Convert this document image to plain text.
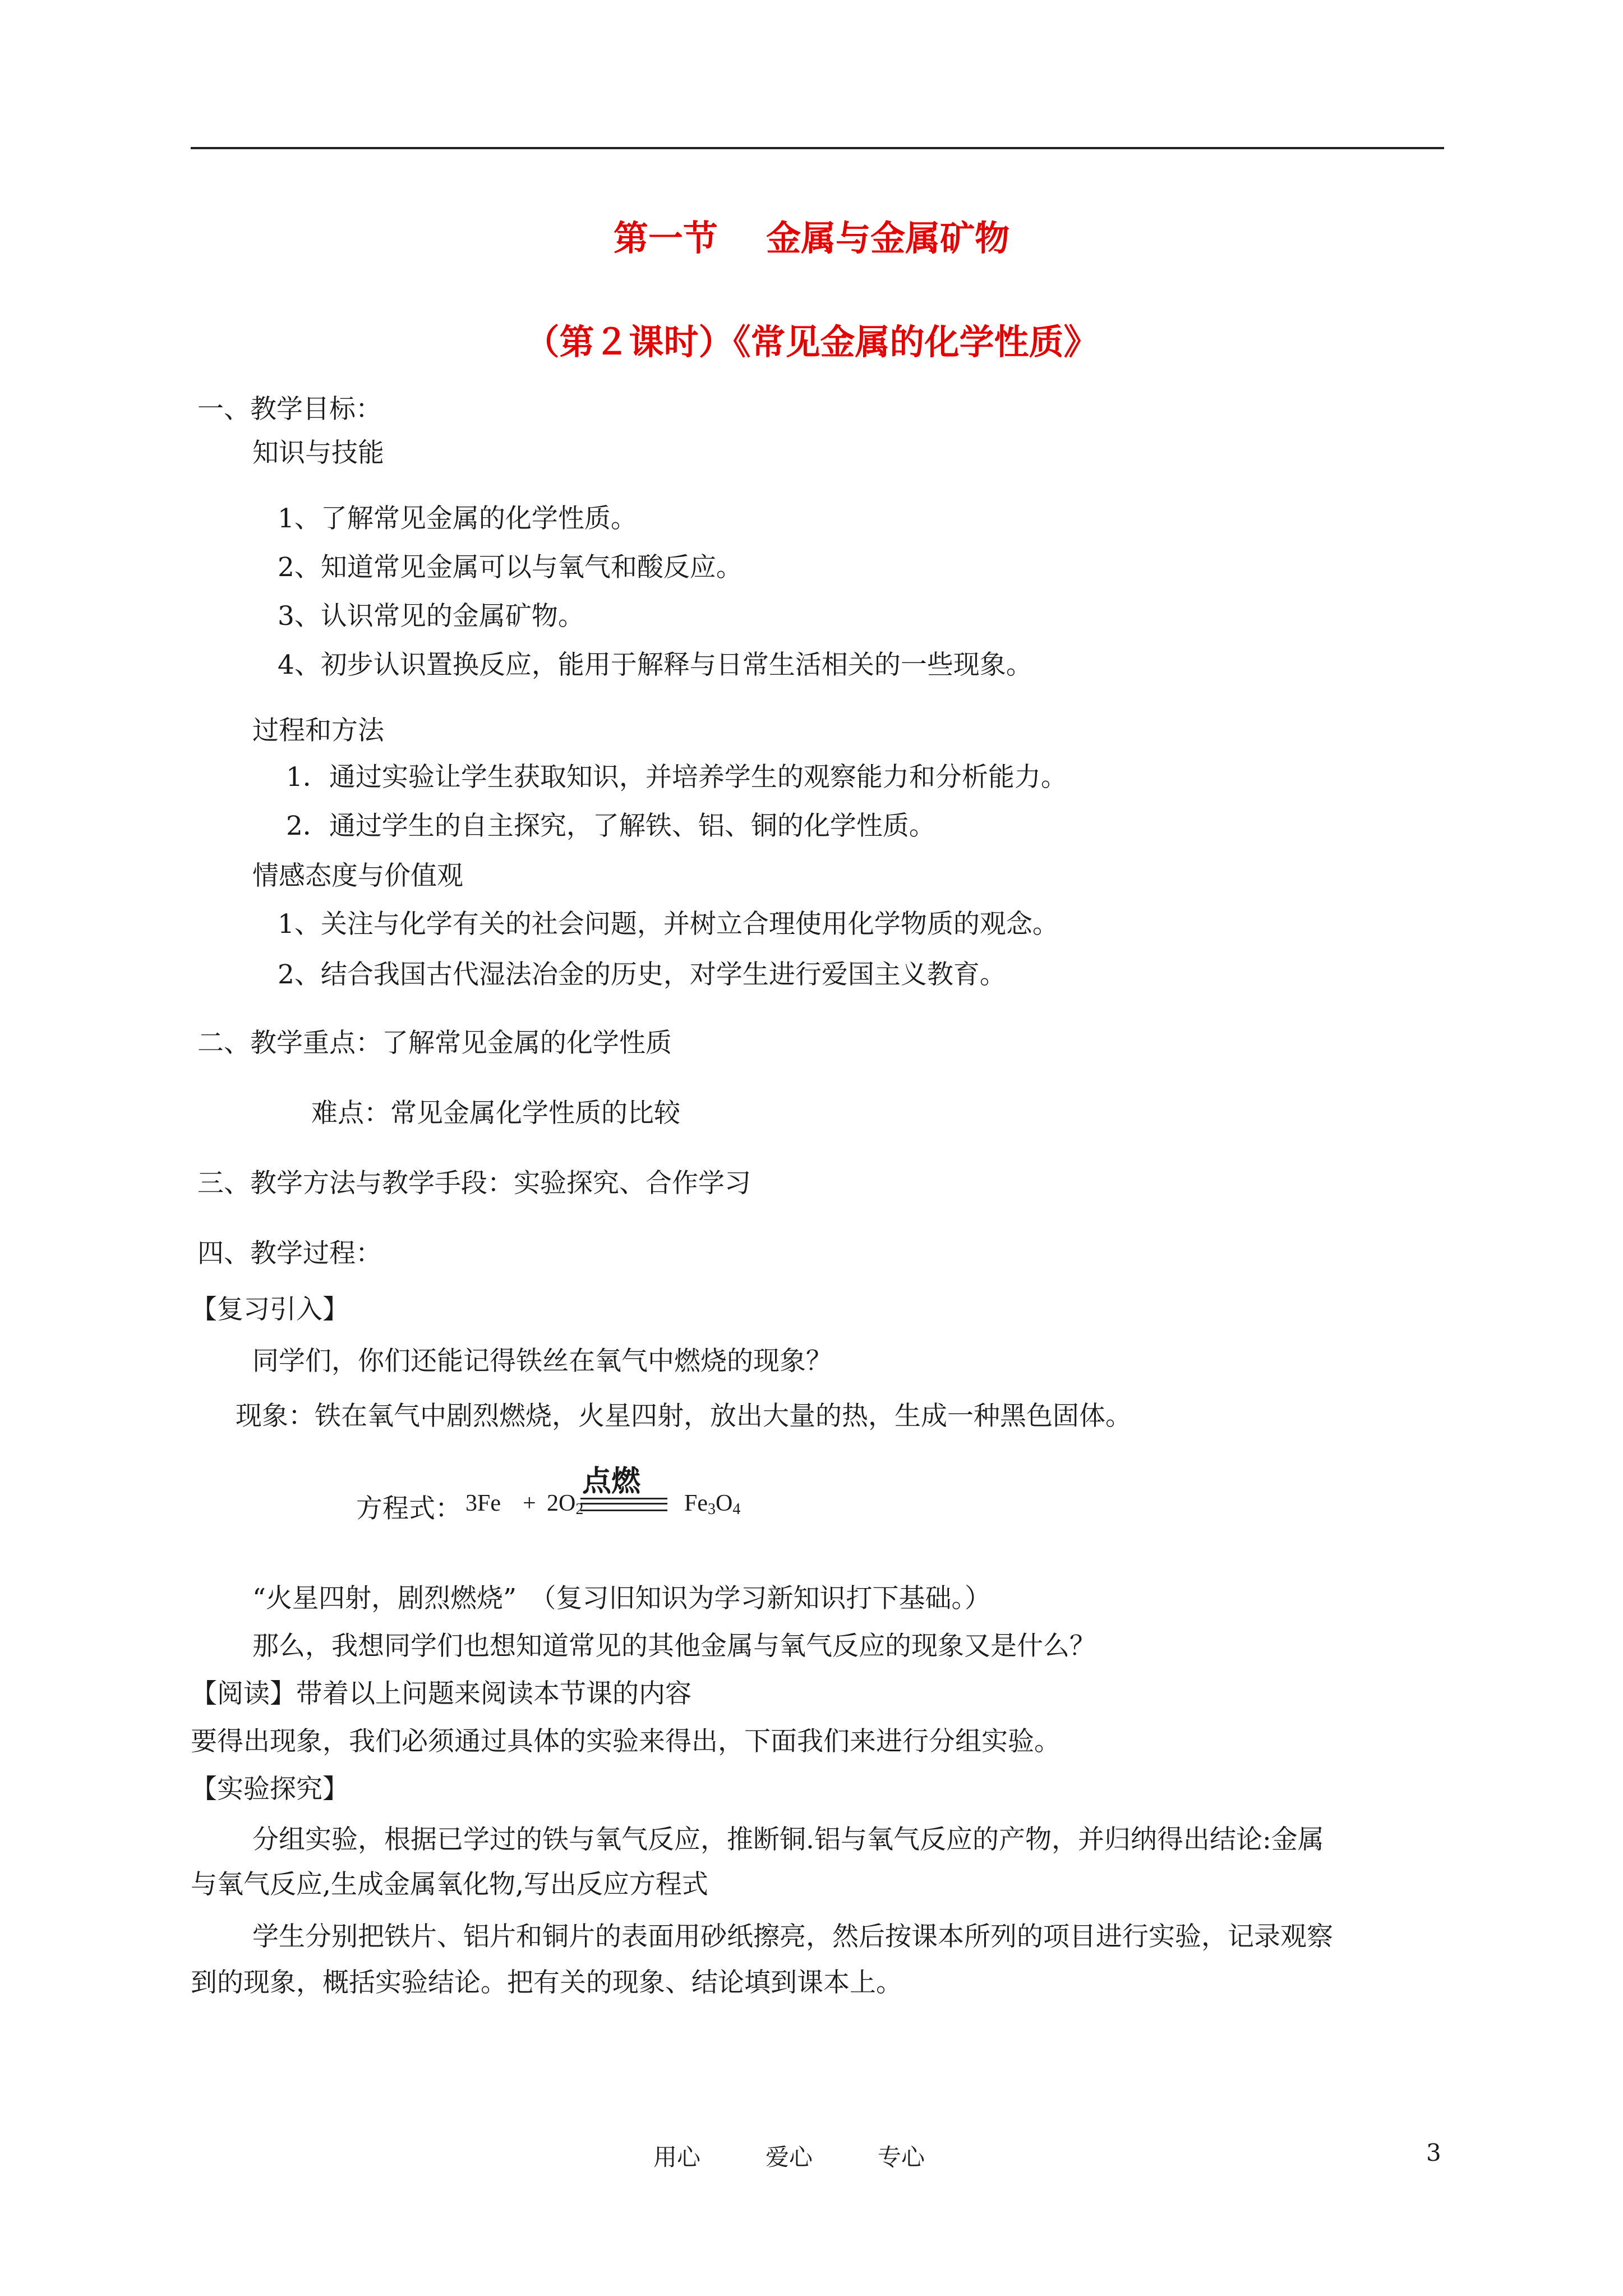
第一节    金属与金属矿物
（第２课时）《常见金属的化学性质》
一、教学目标：
知识与技能
1、了解常见金属的化学性质。
2、知道常见金属可以与氧气和酸反应。
3、认识常见的金属矿物。
4、初步认识置换反应，能用于解释与日常生活相关的一些现象。
过程和方法
1．通过实验让学生获取知识，并培养学生的观察能力和分析能力。
2．通过学生的自主探究，了解铁、铝、铜的化学性质。
情感态度与价值观
1、关注与化学有关的社会问题，并树立合理使用化学物质的观念。
2、结合我国古代湿法冶金的历史，对学生进行爱国主义教育。
二、教学重点：了解常见金属的化学性质
难点：常见金属化学性质的比较
三、教学方法与教学手段：实验探究、合作学习
四、教学过程：
【复习引入】
同学们，你们还能记得铁丝在氧气中燃烧的现象？
现象：铁在氧气中剧烈燃烧，火星四射，放出大量的热，生成一种黑色固体。
方程式： $3Fe + 2O_2$
点燃
$Fe_3O_4$
“火星四射，剧烈燃烧”　（复习旧知识为学习新知识打下基础。）
那么，我想同学们也想知道常见的其他金属与氧气反应的现象又是什么？
【阅读】带着以上问题来阅读本节课的内容
要得出现象，我们必须通过具体的实验来得出，下面我们来进行分组实验。
【实验探究】
分组实验，根据已学过的铁与氧气反应，推断铜.铝与氧气反应的产物，并归纳得出结论:金属
与氧气反应,生成金属氧化物,写出反应方程式
学生分别把铁片、铝片和铜片的表面用砂纸擦亮，然后按课本所列的项目进行实验，记录观察
到的现象，概括实验结论。把有关的现象、结论填到课本上。
用心	爱心	专心	3
